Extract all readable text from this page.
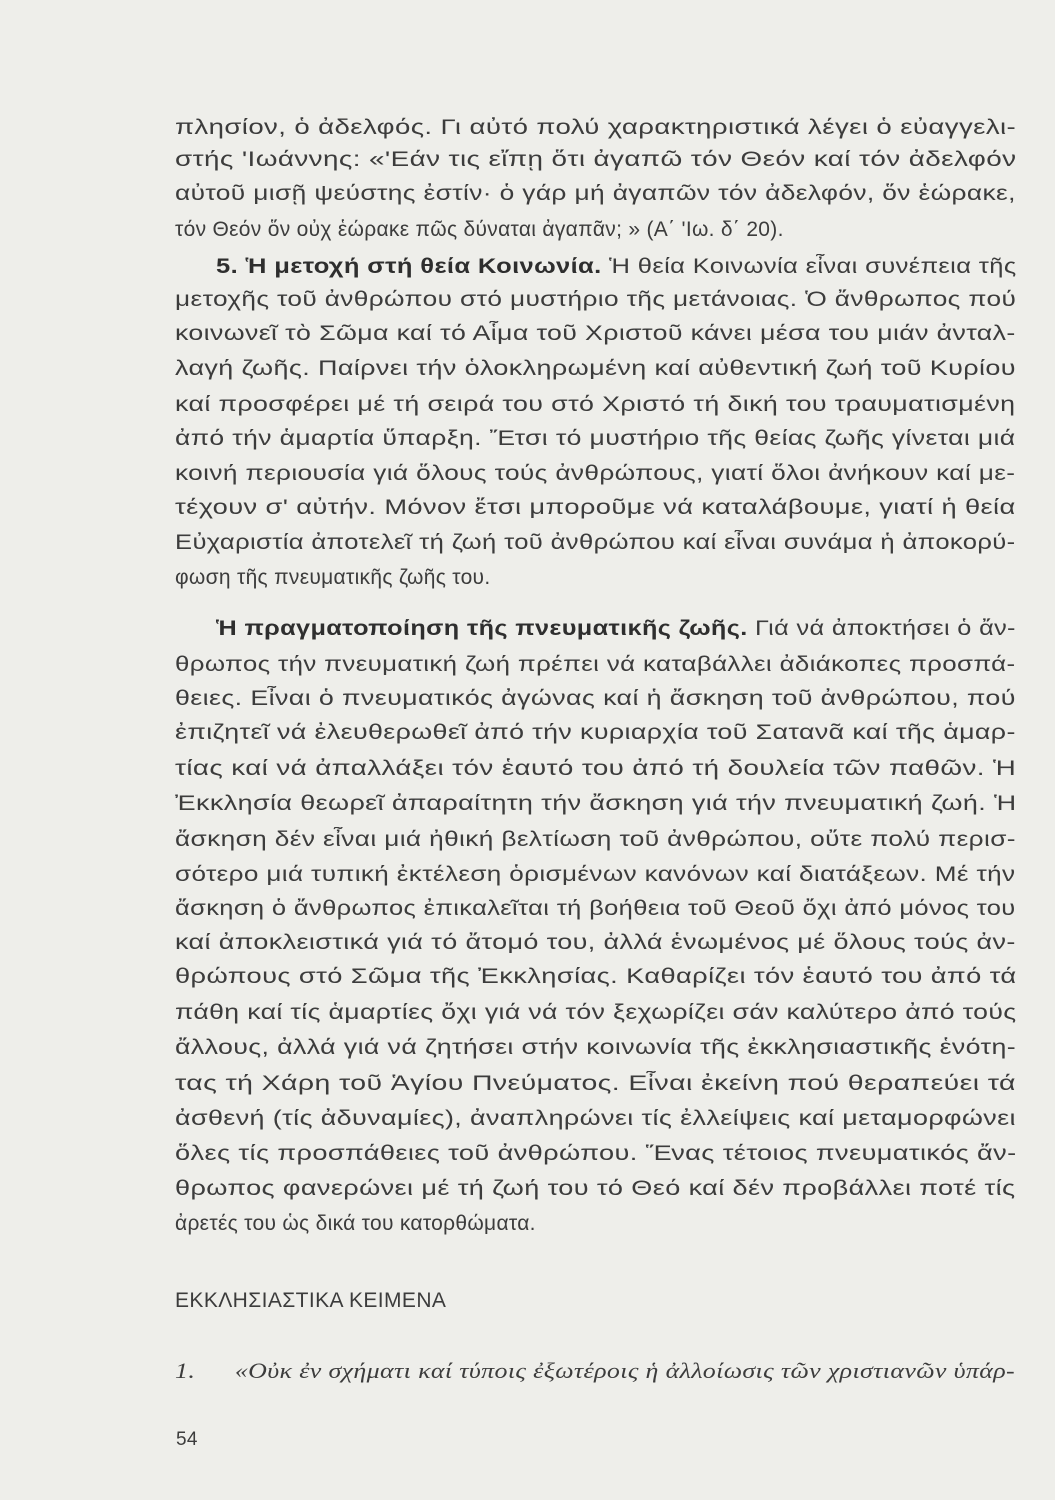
πλησίον, ὁ ἀδελφός. Γι αὐτό πολύ χαρακτηριστικά λέγει ὁ εὐαγγελι-
στής 'Ιωάννης: «'Εάν τις εἴπῃ ὅτι ἀγαπῶ τόν Θεόν καί τόν ἀδελφόν
αὐτοῦ μισῇ ψεύστης ἐστίν· ὁ γάρ μή ἀγαπῶν τόν ἀδελφόν, ὅν ἑώρακε,
τόν Θεόν ὅν οὐχ ἑώρακε πῶς δύναται ἀγαπᾶν; » (Α΄ 'Ιω. δ΄ 20).
5. Ἡ μετοχή στή θεία Κοινωνία. Ἡ θεία Κοινωνία εἶναι συνέπεια τῆς
μετοχῆς τοῦ ἀνθρώπου στό μυστήριο τῆς μετάνοιας. Ὁ ἄνθρωπος πού
κοινωνεῖ τὸ Σῶμα καί τό Αἷμα τοῦ Χριστοῦ κάνει μέσα του μιάν ἀνταλ-
λαγή ζωῆς. Παίρνει τήν ὁλοκληρωμένη καί αὐθεντική ζωή τοῦ Κυρίου
καί προσφέρει μέ τή σειρά του στό Χριστό τή δική του τραυματισμένη
ἀπό τήν ἁμαρτία ὕπαρξη. Ἔτσι τό μυστήριο τῆς θείας ζωῆς γίνεται μιά
κοινή περιουσία γιά ὅλους τούς ἀνθρώπους, γιατί ὅλοι ἀνήκουν καί με-
τέχουν σ' αὐτήν. Μόνον ἔτσι μποροῦμε νά καταλάβουμε, γιατί ἡ θεία
Εὐχαριστία ἀποτελεῖ τή ζωή τοῦ ἀνθρώπου καί εἶναι συνάμα ἡ ἀποκορύ-
φωση τῆς πνευματικῆς ζωῆς του.
Ἡ πραγματοποίηση τῆς πνευματικῆς ζωῆς. Γιά νά ἀποκτήσει ὁ ἄν-
θρωπος τήν πνευματική ζωή πρέπει νά καταβάλλει ἀδιάκοπες προσπά-
θειες. Εἶναι ὁ πνευματικός ἀγώνας καί ἡ ἄσκηση τοῦ ἀνθρώπου, πού
ἐπιζητεῖ νά ἐλευθερωθεῖ ἀπό τήν κυριαρχία τοῦ Σατανᾶ καί τῆς ἁμαρ-
τίας καί νά ἀπαλλάξει τόν ἑαυτό του ἀπό τή δουλεία τῶν παθῶν. Ἡ
Ἐκκλησία θεωρεῖ ἀπαραίτητη τήν ἄσκηση γιά τήν πνευματική ζωή. Ἡ
ἄσκηση δέν εἶναι μιά ἠθική βελτίωση τοῦ ἀνθρώπου, οὔτε πολύ περισ-
σότερο μιά τυπική ἐκτέλεση ὁρισμένων κανόνων καί διατάξεων. Μέ τήν
ἄσκηση ὁ ἄνθρωπος ἐπικαλεῖται τή βοήθεια τοῦ Θεοῦ ὄχι ἀπό μόνος του
καί ἀποκλειστικά γιά τό ἄτομό του, ἀλλά ἑνωμένος μέ ὅλους τούς ἀν-
θρώπους στό Σῶμα τῆς Ἐκκλησίας. Καθαρίζει τόν ἑαυτό του ἀπό τά
πάθη καί τίς ἁμαρτίες ὄχι γιά νά τόν ξεχωρίζει σάν καλύτερο ἀπό τούς
ἄλλους, ἀλλά γιά νά ζητήσει στήν κοινωνία τῆς ἐκκλησιαστικῆς ἑνότη-
τας τή Χάρη τοῦ Ἁγίου Πνεύματος. Εἶναι ἐκείνη πού θεραπεύει τά
ἀσθενή (τίς ἀδυναμίες), ἀναπληρώνει τίς ἐλλείψεις καί μεταμορφώνει
ὅλες τίς προσπάθειες τοῦ ἀνθρώπου. Ἕνας τέτοιος πνευματικός ἄν-
θρωπος φανερώνει μέ τή ζωή του τό Θεό καί δέν προβάλλει ποτέ τίς
ἀρετές του ὡς δικά του κατορθώματα.
ΕΚΚΛΗΣΙΑΣΤΙΚΑ ΚΕΙΜΕΝΑ
1. «Οὐκ ἐν σχήματι καί τύποις ἐξωτέροις ἡ ἀλλοίωσις τῶν χριστιανῶν ὑπάρ-
54
